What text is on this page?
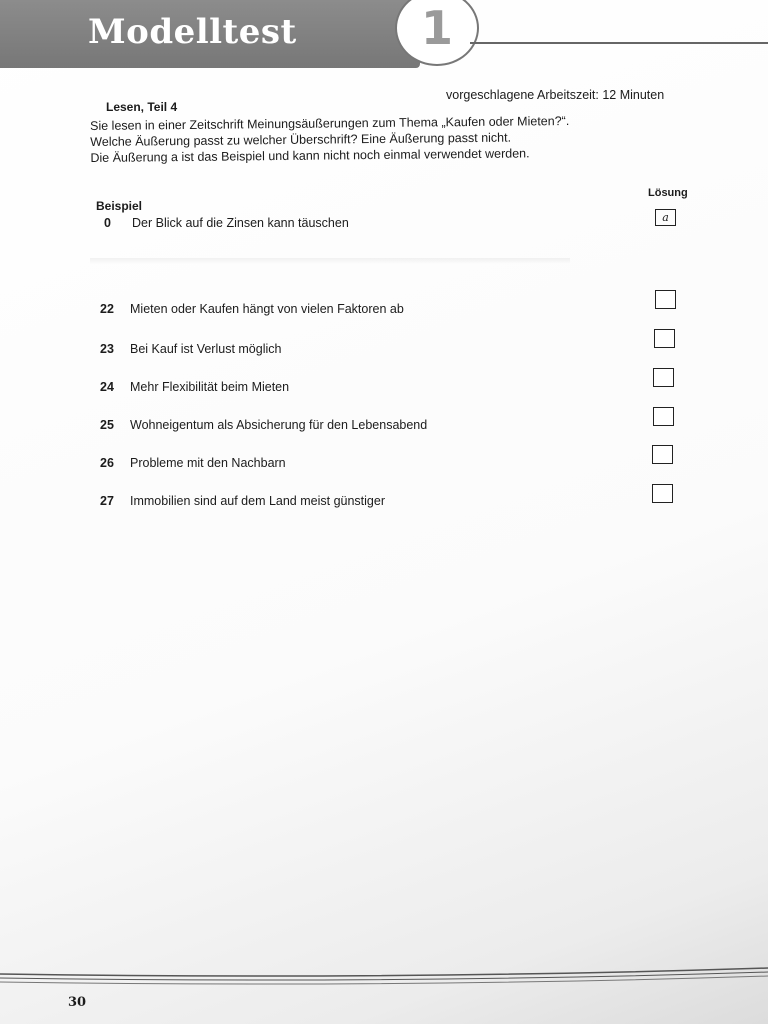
Modelltest	1
Lesen, Teil 4
vorgeschlagene Arbeitszeit: 12 Minuten
Sie lesen in einer Zeitschrift Meinungsäußerungen zum Thema „Kaufen oder Mieten?“.
Welche Äußerung passt zu welcher Überschrift? Eine Äußerung passt nicht.
Die Äußerung a ist das Beispiel und kann nicht noch einmal verwendet werden.
Lösung
Beispiel
0 Der Blick auf die Zinsen kann täuschen	a
22 Mieten oder Kaufen hängt von vielen Faktoren ab
23 Bei Kauf ist Verlust möglich
24 Mehr Flexibilität beim Mieten
25 Wohneigentum als Absicherung für den Lebensabend
26 Probleme mit den Nachbarn
27 Immobilien sind auf dem Land meist günstiger
30
